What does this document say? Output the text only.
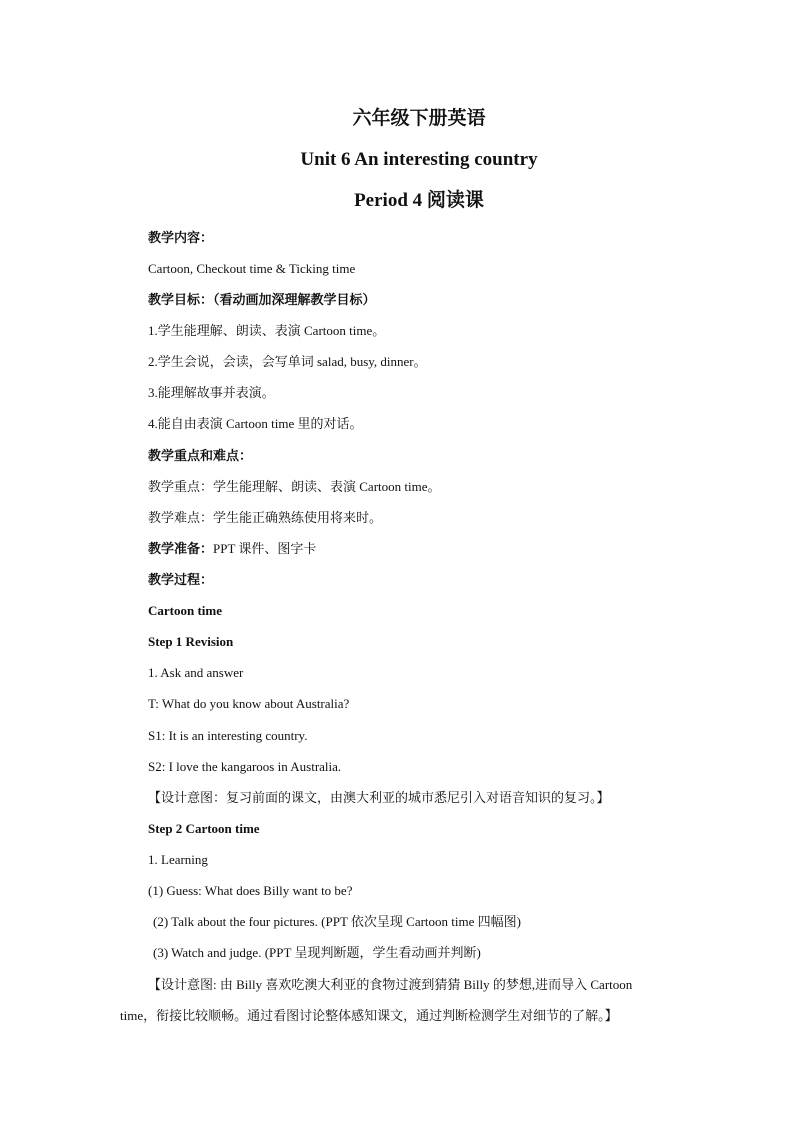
六年级下册英语
Unit 6 An interesting country
Period 4 阅读课
教学内容：
Cartoon, Checkout time & Ticking time
教学目标：（看动画加深理解教学目标）
1.学生能理解、朗读、表演 Cartoon time。
2.学生会说，会读，会写单词 salad, busy, dinner。
3.能理解故事并表演。
4.能自由表演 Cartoon time 里的对话。
教学重点和难点：
教学重点：学生能理解、朗读、表演 Cartoon time。
教学难点：学生能正确熟练使用将来时。
教学准备：PPT 课件、图字卡
教学过程：
Cartoon time
Step 1 Revision
1. Ask and answer
T: What do you know about Australia?
S1: It is an interesting country.
S2: I love the kangaroos in Australia.
【设计意图：复习前面的课文，由澳大利亚的城市悉尼引入对语音知识的复习。】
Step 2 Cartoon time
1. Learning
(1) Guess: What does Billy want to be?
(2) Talk about the four pictures. (PPT 依次呈现 Cartoon time 四幅图)
(3) Watch and judge. (PPT 呈现判断题，学生看动画并判断)
【设计意图: 由 Billy 喜欢吃澳大利亚的食物过渡到猜猜 Billy 的梦想,进而导入 Cartoon
time，衔接比较顺畅。通过看图讨论整体感知课文，通过判断检测学生对细节的了解。】
